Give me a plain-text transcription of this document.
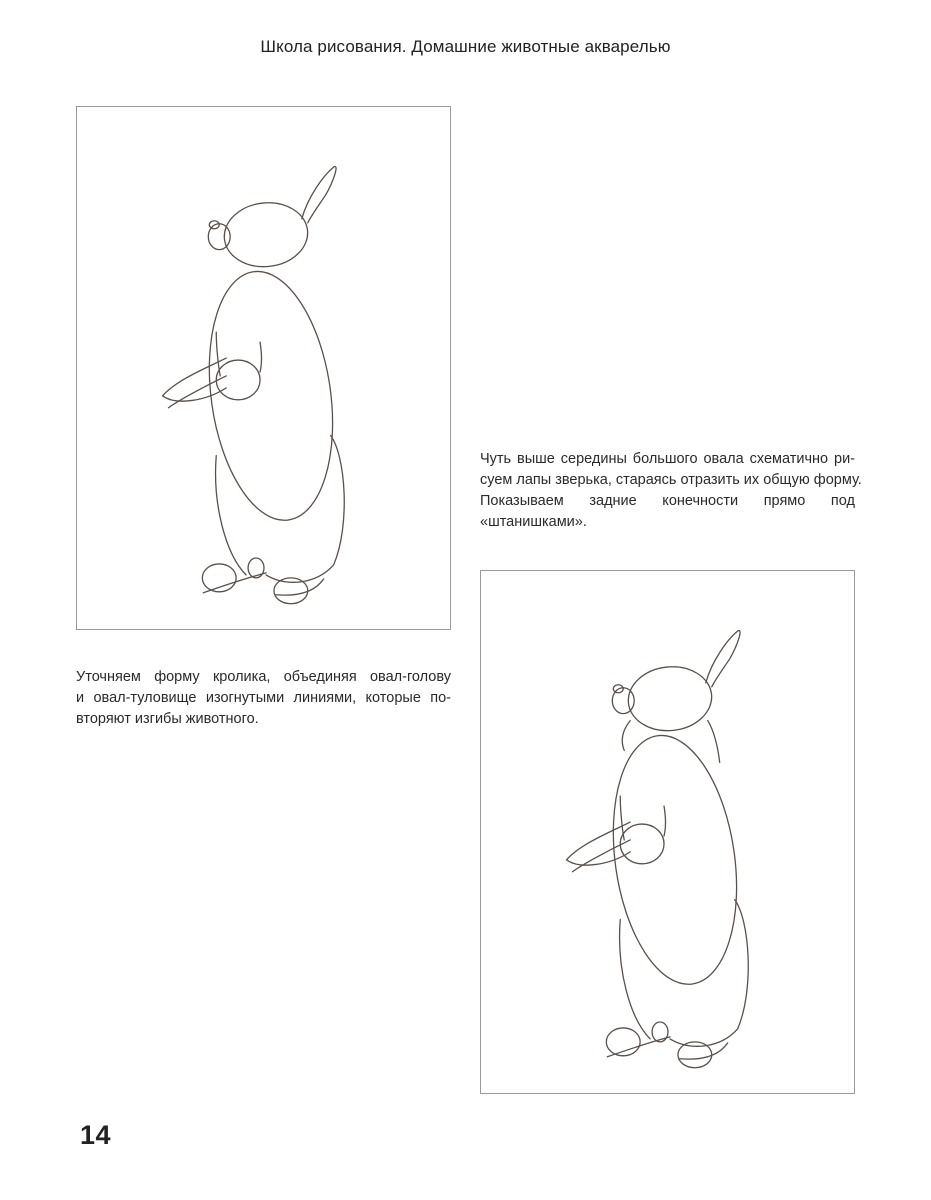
Школа рисования. Домашние животные акварелью
Уточняем форму кролика, объединяя овал-голову
и овал-туловище изогнутыми линиями, которые по-
вторяют изгибы животного.
Чуть выше середины большого овала схематично ри-
суем лапы зверька, стараясь отразить их общую форму.
Показываем задние конечности прямо под
«штанишками».
14
